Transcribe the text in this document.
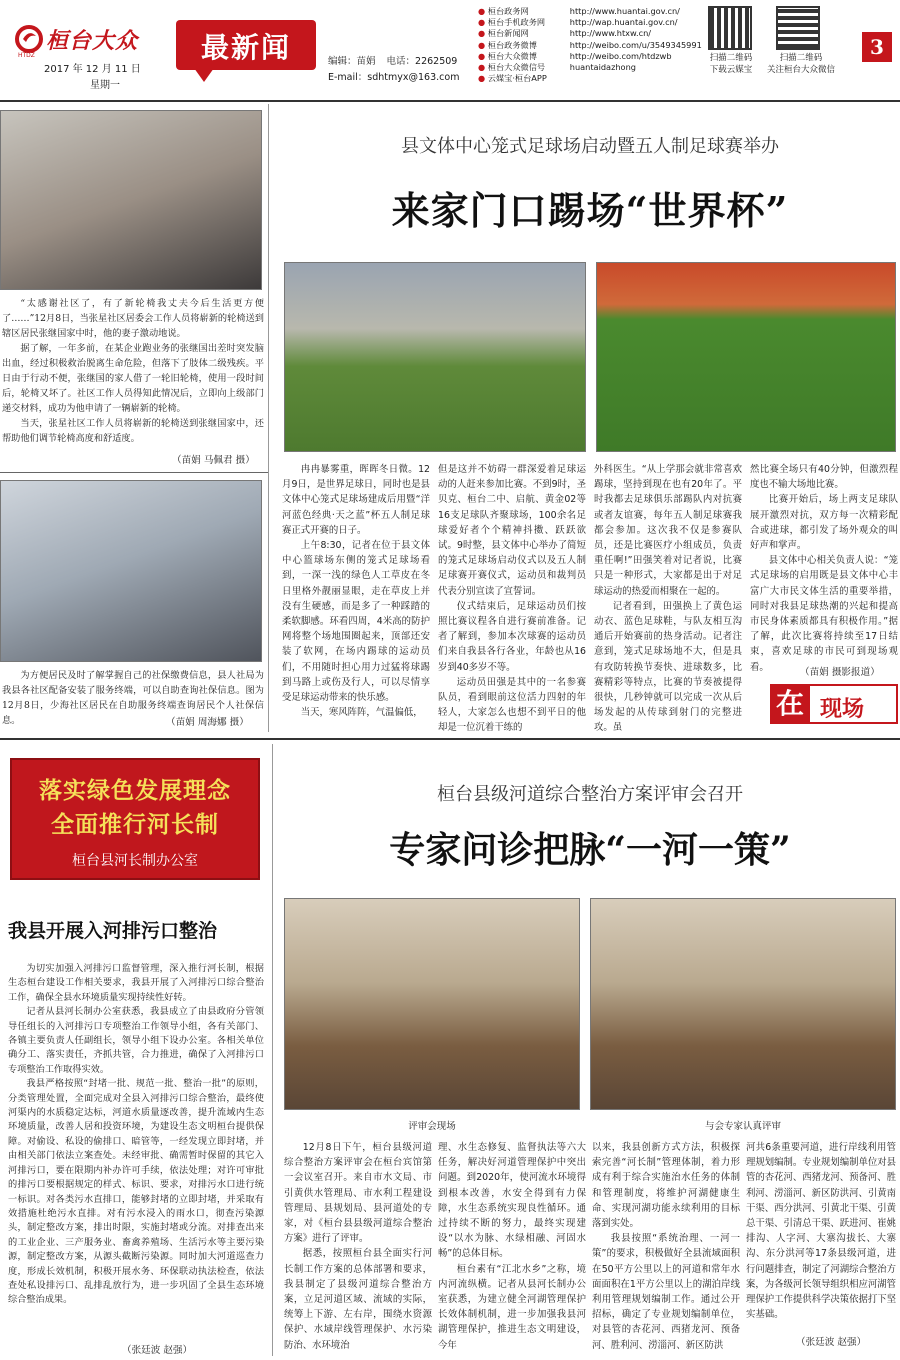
桓台大众
HTDZ
2017 年 12 月 11 日
星期一
最新闻	编辑：苗娟 电话：2262509
E-mail：sdhtmyx@163.com
● 桓台政务网	http://www.huantai.gov.cn/
● 桓台手机政务网	http://wap.huantai.gov.cn/
● 桓台新闻网	http://www.htxw.cn/
● 桓台政务微博	http://weibo.com/u/3549345991
● 桓台大众微博	http://weibo.com/htdzwb
● 桓台大众微信号	huantaidazhong
● 云媒宝·桓台APP
扫描二维码
下载云媒宝
扫描二维码
关注桓台大众微信
3

“太感谢社区了，有了新轮椅我丈夫今后生活更方便了……”12月8日，当张星社区居委会工作人员将崭新的轮椅送到辖区居民张继国家中时，他的妻子激动地说。

据了解，一年多前，在某企业跑业务的张继国出差时突发脑出血，经过积极救治脱离生命危险，但落下了肢体二级残疾。平日由于行动不便，张继国的家人借了一轮旧轮椅，使用一段时间后，轮椅又坏了。社区工作人员得知此情况后，立即向上级部门递交材料，成功为他申请了一辆崭新的轮椅。

当天，张星社区工作人员将崭新的轮椅送到张继国家中，还帮助他们调节轮椅高度和舒适度。

（苗娟 马佩君 摄）

为方便居民及时了解掌握自己的社保缴费信息，县人社局为我县各社区配备安装了服务终端，可以自助查询社保信息。图为12月8日，少海社区居民在自助服务终端查询居民个人社保信息。	（苗娟 周海娜 摄）
县文体中心笼式足球场启动暨五人制足球赛举办
来家门口踢场“世界杯”

冉冉暴雾重，晖晖冬日微。12月9日，是世界足球日，同时也是县文体中心笼式足球场建成后用暨“洋河蓝色经典·天之蓝”杯五人制足球赛正式开赛的日子。

上午8:30，记者在位于县文体中心篮球场东侧的笼式足球场看到，一深一浅的绿色人工草皮在冬日里格外靓丽显眼，走在草皮上并没有生硬感，而是多了一种踩踏的柔软脚感。环看四周，4米高的防护网将整个场地围圈起来，顶部还安装了软网，在场内踢球的运动员们，不用随时担心用力过猛将球踢到马路上或伤及行人，可以尽情享受足球运动带来的快乐感。

当天，寒风阵阵，气温偏低，

但是这并不妨碍一群深爱着足球运动的人赶来参加比赛。不到9时，圣贝克、桓台二中、启航、黄金02等16支足球队齐聚球场，100余名足球爱好者个个精神抖擞、跃跃欲试。9时整，县文体中心举办了简短的笼式足球场启动仪式以及五人制足球赛开赛仪式，运动员和裁判员代表分别宣读了宣誓词。

仪式结束后，足球运动员们按照比赛议程各自进行赛前准备。记者了解到，参加本次球赛的运动员们来自我县各行各业，年龄也从16岁到40多岁不等。

运动员田强是其中的一名参赛队员，看到眼前这位活力四射的年轻人，大家怎么也想不到平日的他却是一位沉着干练的

外科医生。“从上学那会就非常喜欢踢球，坚持到现在也有20年了。平时我都去足球俱乐部踢队内对抗赛或者友谊赛，每年五人制足球赛我都会参加。这次我不仅是参赛队员，还是比赛医疗小组成员，负责重任啊!”田强笑着对记者说，比赛只是一种形式，大家都是出于对足球运动的热爱而相聚在一起的。

记者看到，田强换上了黄色运动衣、蓝色足球鞋，与队友相互沟通后开始赛前的热身活动。记者注意到，笼式足球场地不大，但是具有攻防转换节奏快、进球数多，比赛精彩等特点，比赛的节奏被提得很快，几秒钟就可以完成一次从后场发起的从传球到射门的完整进攻。虽

然比赛全场只有40分钟，但激烈程度也不输大场地比赛。

比赛开始后，场上两支足球队展开激烈对抗，双方每一次精彩配合或进球，都引发了场外观众的叫好声和掌声。

县文体中心相关负责人说：“笼式足球场的启用既是县文体中心丰富广大市民文体生活的重要举措，同时对我县足球热潮的兴起和提高市民身体素质都具有积极作用。”据了解，此次比赛将持续至17日结束，喜欢足球的市民可到现场观看。	（苗娟 摄影报道）
在 现场
落实绿色发展理念
全面推行河长制
桓台县河长制办公室
我县开展入河排污口整治

为切实加强入河排污口监督管理，深入推行河长制，根据生态桓台建设工作相关要求，我县开展了入河排污口综合整治工作，确保全县水环境质量实现持续性好转。

记者从县河长制办公室获悉，我县成立了由县政府分管领导任组长的入河排污口专项整治工作领导小组，各有关部门、各镇主要负责人任副组长，领导小组下设办公室。各相关单位确分工、落实责任，齐抓共管，合力推进，确保了入河排污口专项整治工作取得实效。

我县严格按照“封堵一批、规范一批、整治一批”的原则，分类管理处置，全面完成对全县入河排污口综合整治，最终使河渠内的水质稳定达标，河道水质量逐改善，提升流域内生态环境质量，改善人居和投资环境，为建设生态文明桓台提供保障。对偷设、私设的偷排口、暗管等，一经发现立即封堵，并由相关部门依法立案查处。未经审批、确需暂时保留的其它入河排污口，要在限期内补办许可手续，依法处理；对许可审批的排污口要根据规定的样式、标识、要求，对排污水口进行统一标识。对各类污水直排口，能够封堵的立即封堵，并采取有效措施杜绝污水直排。对有污水浸入的雨水口，彻查污染源头，制定整改方案，排出时限，实施封堵或分流。对排查出来的工业企业、三产服务业、畜禽养殖场、生活污水等主要污染源，制定整改方案，从源头截断污染源。同时加大河道巡查力度，形成长效机制，积极开展水务、环保联动执法检查，依法查处私设排污口、乱排乱放行为，进一步巩固了全县生态环境综合整治成果。

（张廷波 赵强）
桓台县级河道综合整治方案评审会召开
专家问诊把脉“一河一策”
评审会现场	与会专家认真评审

12月8日下午，桓台县级河道综合整治方案评审会在桓台宾馆第一会议室召开。来自市水文局、市引黄供水管理局、市水利工程建设管理局、县规划局、县河道处的专家，对《桓台县县级河道综合整治方案》进行了评审。

据悉，按照桓台县全面实行河长制工作方案的总体部署和要求，我县制定了县级河道综合整治方案，立足河道区域、流域的实际，统筹上下游、左右岸，围绕水资源保护、水域岸线管理保护、水污染防治、水环境治

理、水生态修复、监督执法等六大任务，解决好河道管理保护中突出问题。到2020年，使河流水环境得到根本改善，水安全得到有力保障，水生态系统实现良性循环。通过持续不断的努力，最终实现建设“以水为脉、水绿相融、河固水畅”的总体目标。

桓台素有“江北水乡”之称，境内河流纵横。记者从县河长制办公室获悉，为建立健全河湖管理保护长效体制机制，进一步加强我县河湖管理保护，推进生态文明建设，今年

以来，我县创新方式方法，积极探索完善“河长制”管理体制，着力形成有利于综合实施治水任务的体制和管理制度，将维护河湖健康生命、实现河湖功能永续利用的目标落到实处。

我县按照“系统治理、一河一策”的要求，积极做好全县流域面积在50平方公里以上的河道和常年水面面积在1平方公里以上的湖泊岸线利用管理规划编制工作。通过公开招标，确定了专业规划编制单位，对县管的杏花河、西猪龙河、预备河、胜利河、涝淄河、新区防洪

河共6条重要河道，进行岸线利用管理规划编制。专业规划编制单位对县管的杏花河、西猪龙河、预备河、胜利河、涝淄河、新区防洪河、引黄南干渠、西分洪河、引黄北干渠、引黄总干渠、引清总干渠、跃进河、崔姚排沟、人字河、大寨沟拔长、大寨沟、东分洪河等17条县级河道，进行问题排查，制定了河湖综合整治方案，为各级河长领导组织相应河湖管理保护工作提供科学决策依据打下坚实基础。

（张廷波 赵强）
